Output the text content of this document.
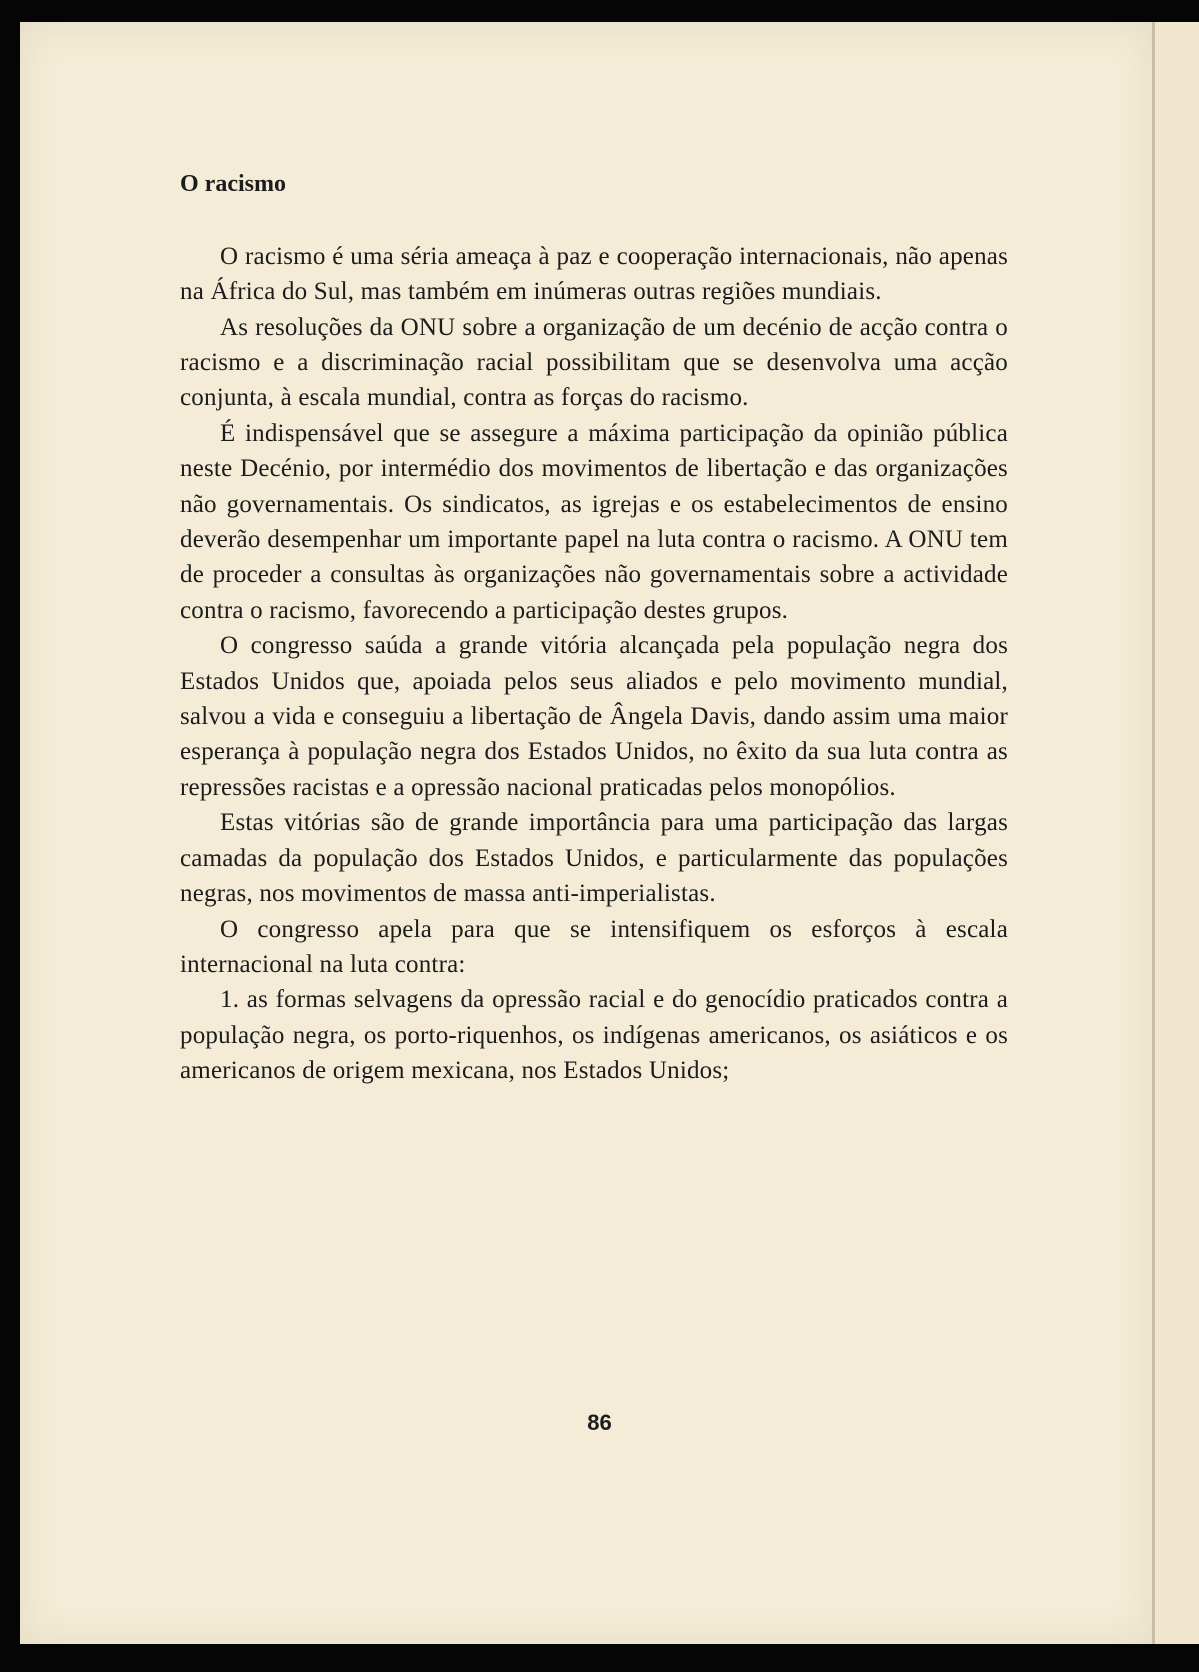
O racismo

O racismo é uma séria ameaça à paz e cooperação internacionais, não apenas na África do Sul, mas também em inúmeras outras regiões mundiais.

As resoluções da ONU sobre a organização de um decénio de acção contra o racismo e a discriminação racial possibilitam que se desenvolva uma acção conjunta, à escala mundial, contra as forças do racismo.

É indispensável que se assegure a máxima participação da opinião pública neste Decénio, por intermédio dos movimentos de libertação e das organizações não governamentais. Os sindicatos, as igrejas e os estabelecimentos de ensino deverão desempenhar um importante papel na luta contra o racismo. A ONU tem de proceder a consultas às organizações não governamentais sobre a actividade contra o racismo, favorecendo a participação destes grupos.

O congresso saúda a grande vitória alcançada pela população negra dos Estados Unidos que, apoiada pelos seus aliados e pelo movimento mundial, salvou a vida e conseguiu a libertação de Ângela Davis, dando assim uma maior esperança à população negra dos Estados Unidos, no êxito da sua luta contra as repressões racistas e a opressão nacional praticadas pelos monopólios.

Estas vitórias são de grande importância para uma participação das largas camadas da população dos Estados Unidos, e particularmente das populações negras, nos movimentos de massa anti-imperialistas.

O congresso apela para que se intensifiquem os esforços à escala internacional na luta contra:

1. as formas selvagens da opressão racial e do genocídio praticados contra a população negra, os porto-riquenhos, os indígenas americanos, os asiáticos e os americanos de origem mexicana, nos Estados Unidos;

86
